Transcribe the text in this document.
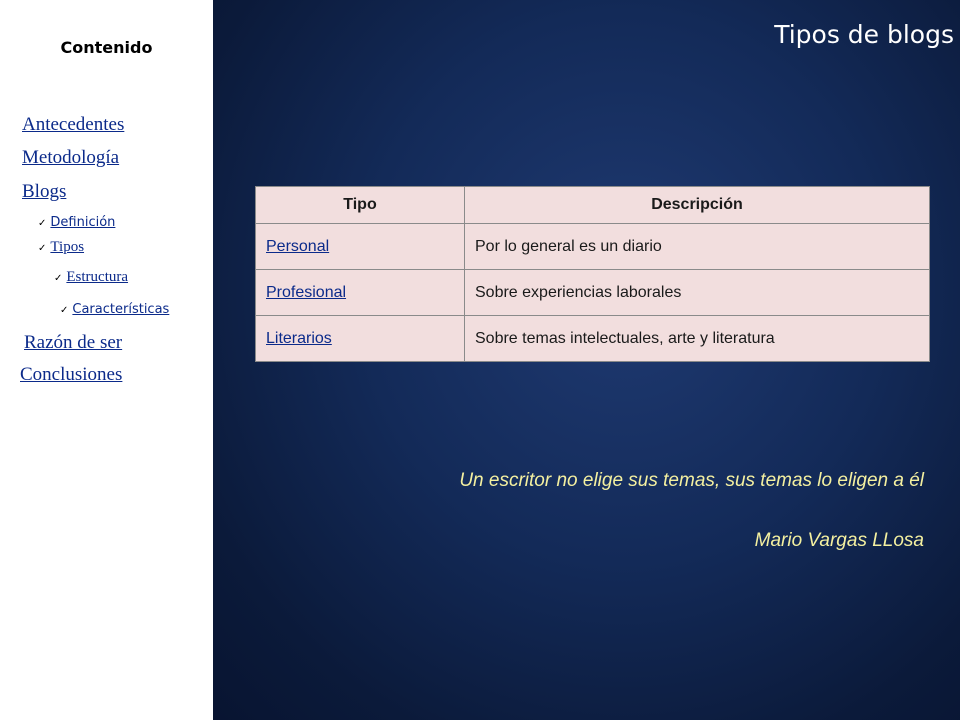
Contenido
Antecedentes
Metodología
Blogs
✓ Definición
✓ Tipos
✓ Estructura
✓ Características
Razón de ser
Conclusiones
Tipos de blogs
Tipo	Descripción
Personal	Por lo general es un diario
Profesional	Sobre experiencias laborales
Literarios	Sobre temas intelectuales, arte y literatura
Un escritor no elige sus temas, sus temas lo eligen a él
Mario Vargas LLosa
